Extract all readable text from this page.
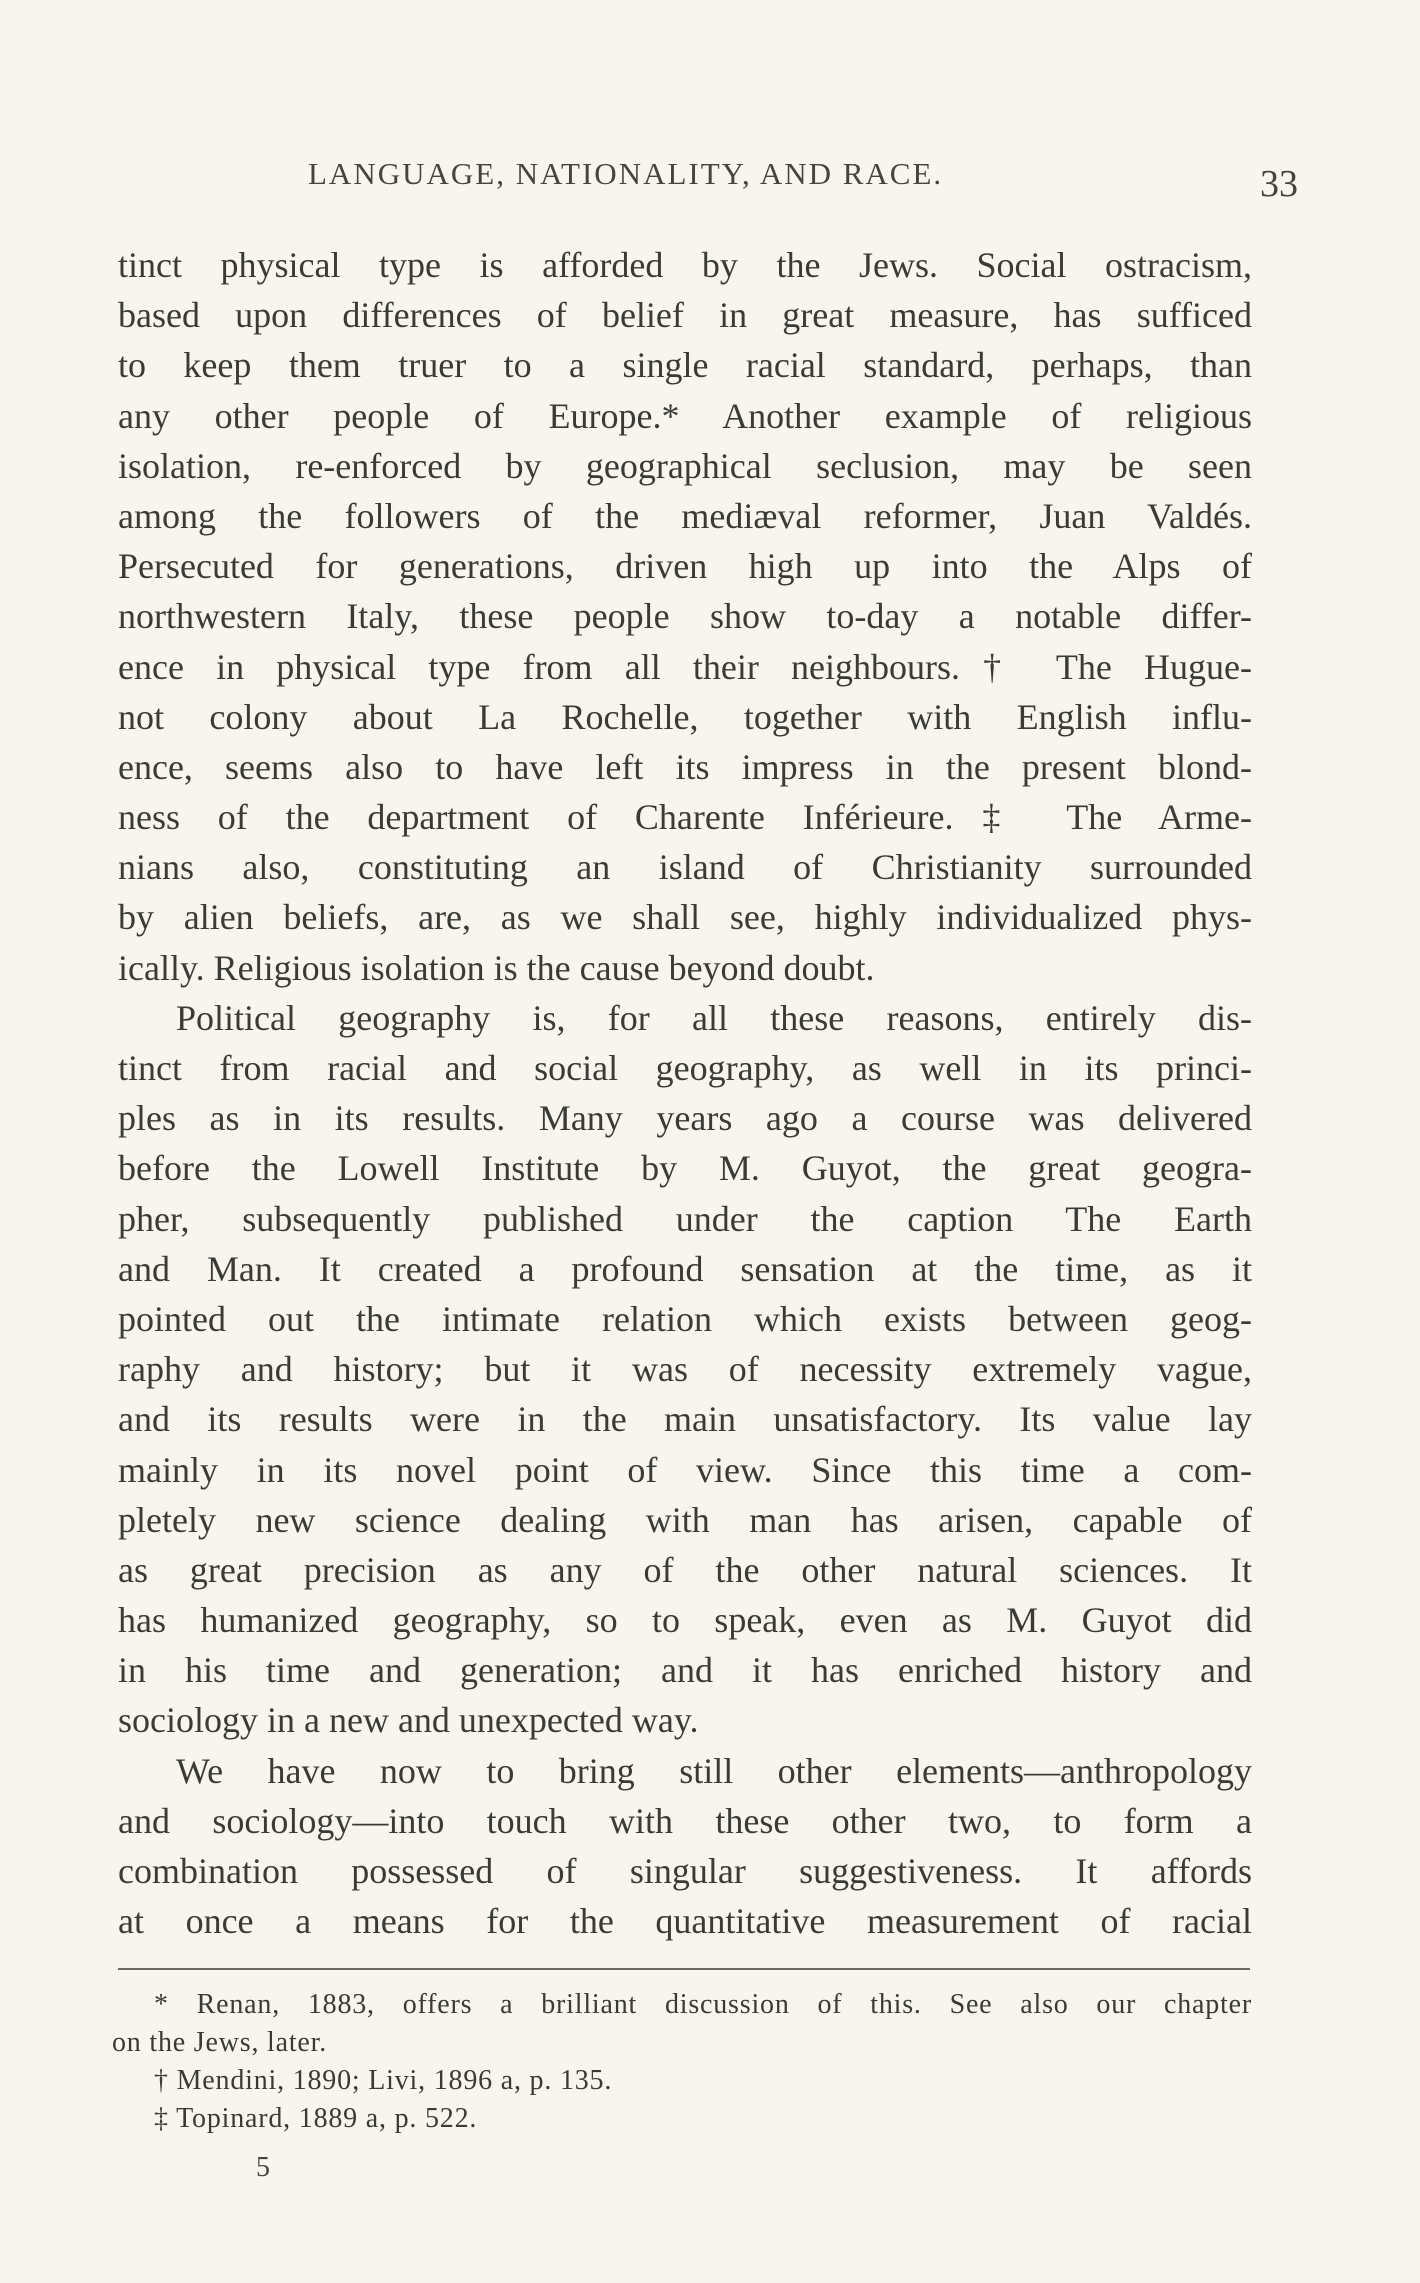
LANGUAGE, NATIONALITY, AND RACE.	33
tinct physical type is afforded by the Jews. Social ostracism,
based upon differences of belief in great measure, has sufficed
to keep them truer to a single racial standard, perhaps, than
any other people of Europe.* Another example of religious
isolation, re-enforced by geographical seclusion, may be seen
among the followers of the mediæval reformer, Juan Valdés.
Persecuted for generations, driven high up into the Alps of
northwestern Italy, these people show to-day a notable differ-
ence in physical type from all their neighbours.† The Hugue-
not colony about La Rochelle, together with English influ-
ence, seems also to have left its impress in the present blond-
ness of the department of Charente Inférieure.‡ The Arme-
nians also, constituting an island of Christianity surrounded
by alien beliefs, are, as we shall see, highly individualized phys-
ically. Religious isolation is the cause beyond doubt.
Political geography is, for all these reasons, entirely dis-
tinct from racial and social geography, as well in its princi-
ples as in its results. Many years ago a course was delivered
before the Lowell Institute by M. Guyot, the great geogra-
pher, subsequently published under the caption The Earth
and Man. It created a profound sensation at the time, as it
pointed out the intimate relation which exists between geog-
raphy and history; but it was of necessity extremely vague,
and its results were in the main unsatisfactory. Its value lay
mainly in its novel point of view. Since this time a com-
pletely new science dealing with man has arisen, capable of
as great precision as any of the other natural sciences. It
has humanized geography, so to speak, even as M. Guyot did
in his time and generation; and it has enriched history and
sociology in a new and unexpected way.
We have now to bring still other elements—anthropology
and sociology—into touch with these other two, to form a
combination possessed of singular suggestiveness. It affords
at once a means for the quantitative measurement of racial
* Renan, 1883, offers a brilliant discussion of this. See also our chapter
on the Jews, later.
† Mendini, 1890; Livi, 1896 a, p. 135.
‡ Topinard, 1889 a, p. 522.
5
